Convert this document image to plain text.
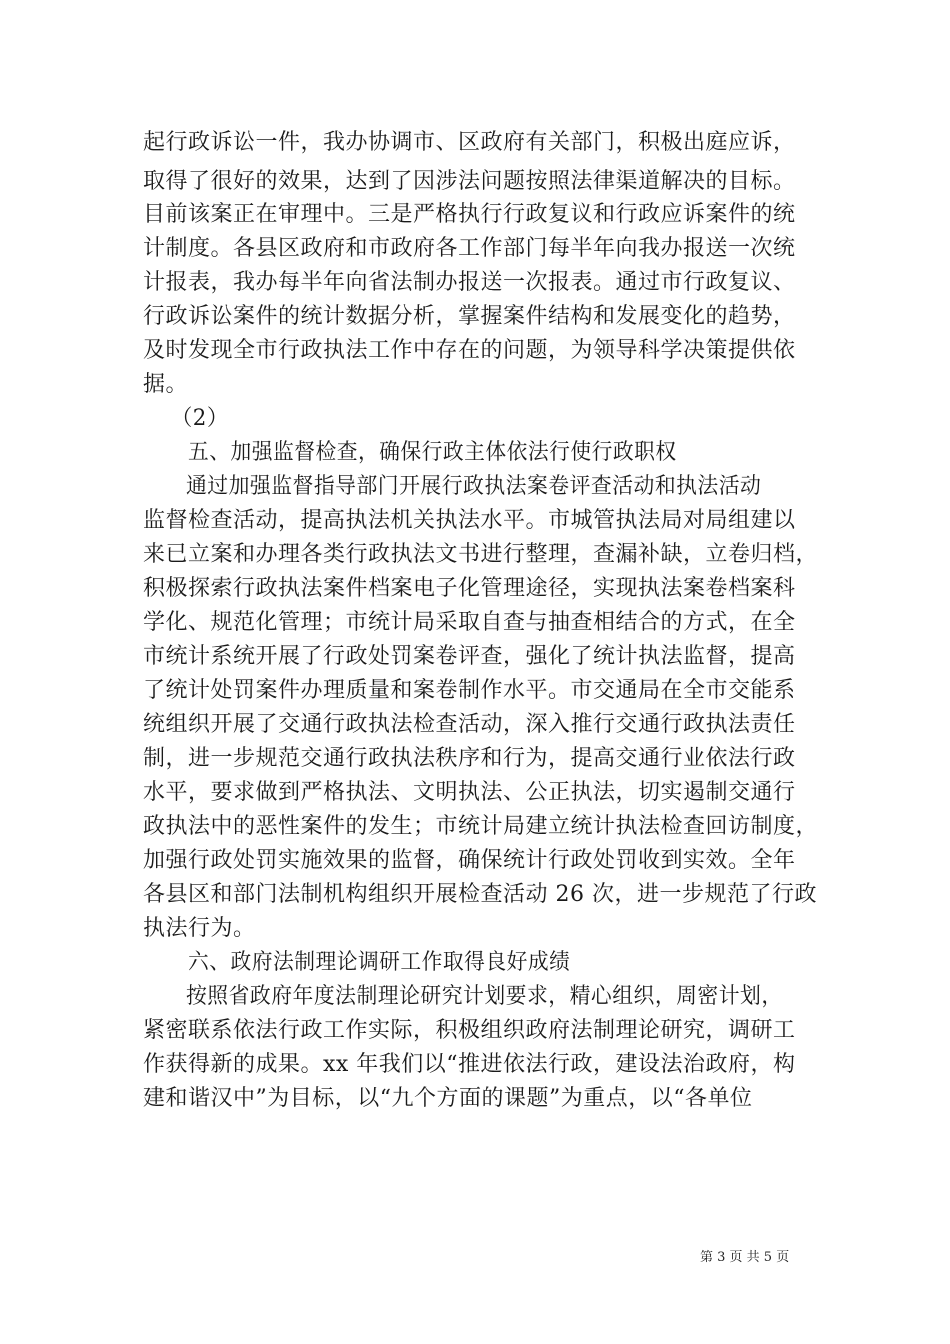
起行政诉讼一件，我办协调市、区政府有关部门，积极出庭应诉，
取得了很好的效果，达到了因涉法问题按照法律渠道解决的目标。
目前该案正在审理中。三是严格执行行政复议和行政应诉案件的统
计制度。各县区政府和市政府各工作部门每半年向我办报送一次统
计报表，我办每半年向省法制办报送一次报表。通过市行政复议、
行政诉讼案件的统计数据分析，掌握案件结构和发展变化的趋势，
及时发现全市行政执法工作中存在的问题，为领导科学决策提供依
据。
（2）
五、加强监督检查，确保行政主体依法行使行政职权
通过加强监督指导部门开展行政执法案卷评查活动和执法活动
监督检查活动，提高执法机关执法水平。市城管执法局对局组建以
来已立案和办理各类行政执法文书进行整理，查漏补缺，立卷归档，
积极探索行政执法案件档案电子化管理途径，实现执法案卷档案科
学化、规范化管理；市统计局采取自查与抽查相结合的方式，在全
市统计系统开展了行政处罚案卷评查，强化了统计执法监督，提高
了统计处罚案件办理质量和案卷制作水平。市交通局在全市交能系
统组织开展了交通行政执法检查活动，深入推行交通行政执法责任
制，进一步规范交通行政执法秩序和行为，提高交通行业依法行政
水平，要求做到严格执法、文明执法、公正执法，切实遏制交通行
政执法中的恶性案件的发生；市统计局建立统计执法检查回访制度，
加强行政处罚实施效果的监督，确保统计行政处罚收到实效。全年
各县区和部门法制机构组织开展检查活动 26 次，进一步规范了行政
执法行为。
六、政府法制理论调研工作取得良好成绩
按照省政府年度法制理论研究计划要求，精心组织，周密计划，
紧密联系依法行政工作实际，积极组织政府法制理论研究，调研工
作获得新的成果。xx 年我们以“推进依法行政，建设法治政府，构
建和谐汉中”为目标，以“九个方面的课题”为重点，以“各单位
第 3 页 共 5 页
